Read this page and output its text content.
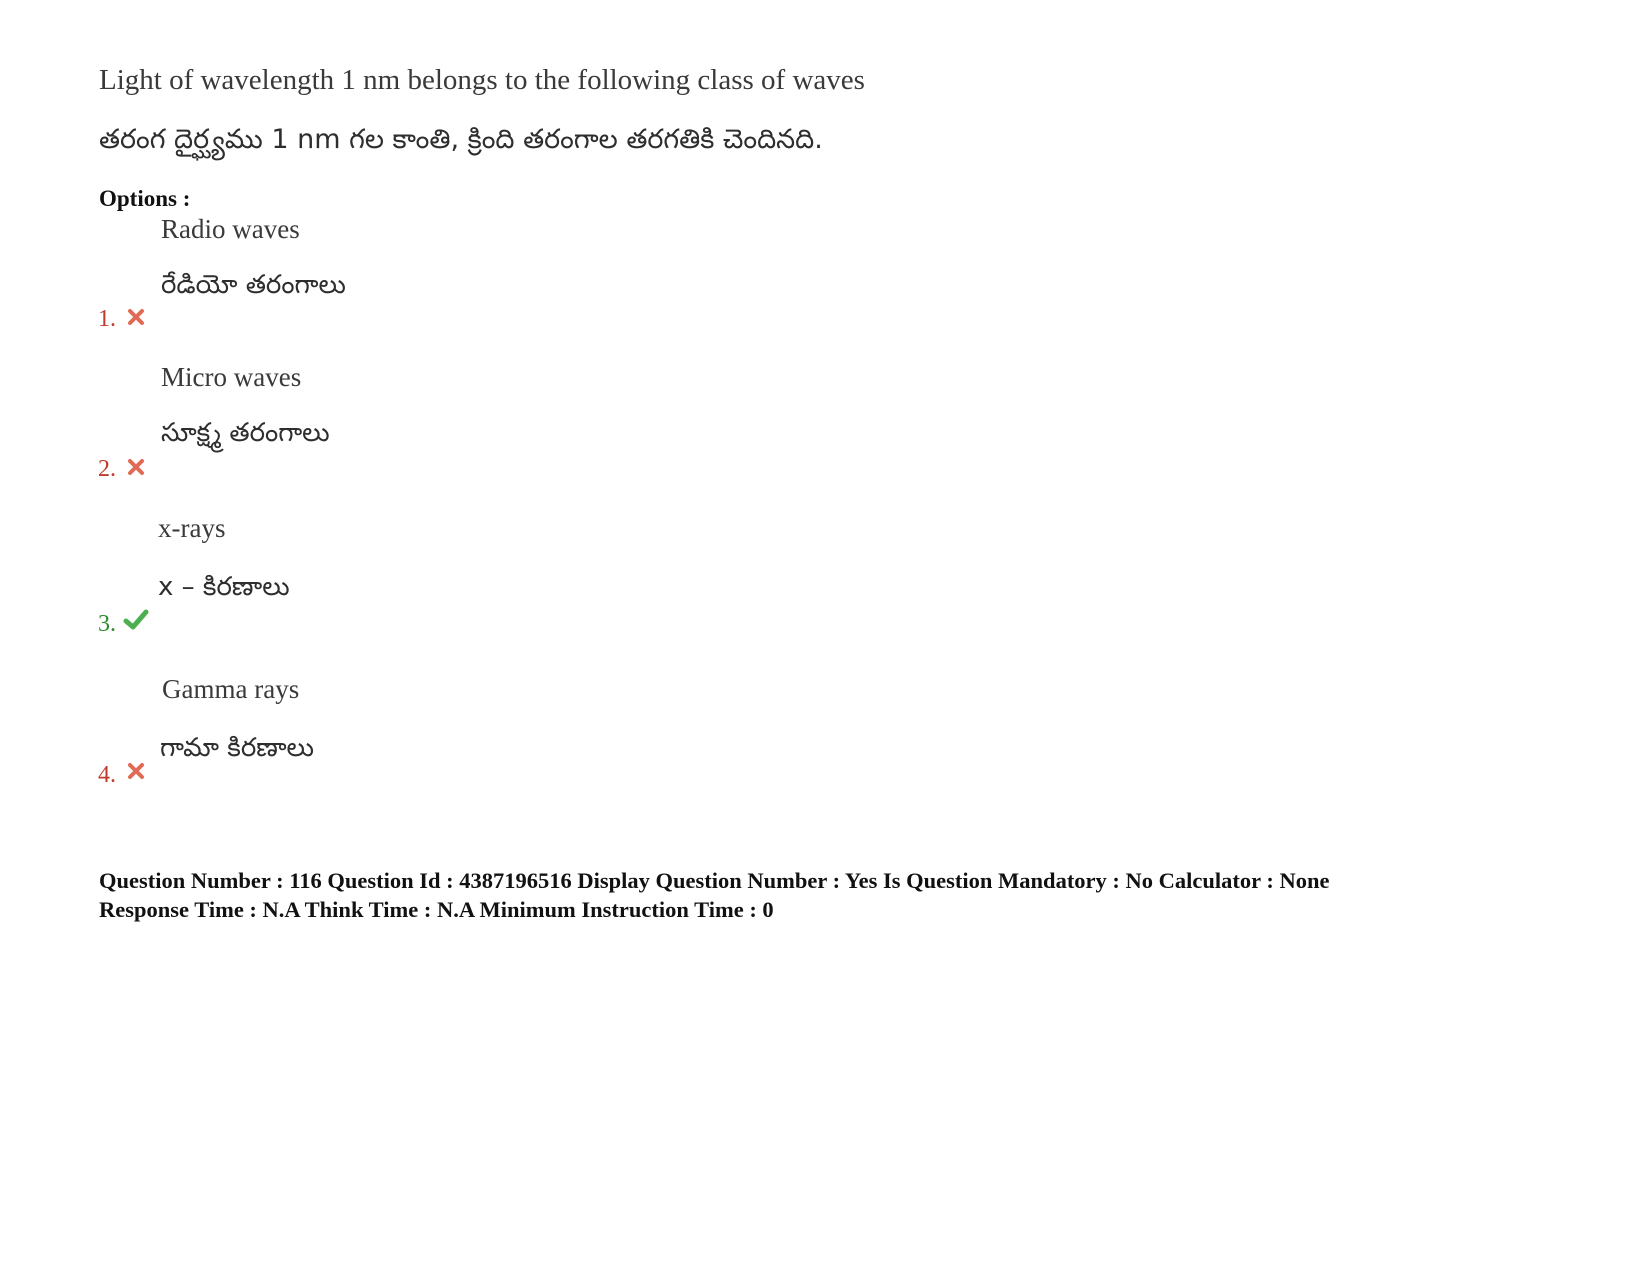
Light of wavelength 1 nm belongs to the following class of waves
తరంగ దైర్ఘ్యము 1 nm గల కాంతి, క్రింది తరంగాల తరగతికి చెందినది.
Options :
Radio waves
రేడియో తరంగాలు
1.
Micro waves
సూక్ష్మ తరంగాలు
2.
x-rays
x – కిరణాలు
3.
Gamma rays
గామా కిరణాలు
4.
Question Number : 116 Question Id : 4387196516 Display Question Number : Yes Is Question Mandatory : No Calculator : None
Response Time : N.A Think Time : N.A Minimum Instruction Time : 0
